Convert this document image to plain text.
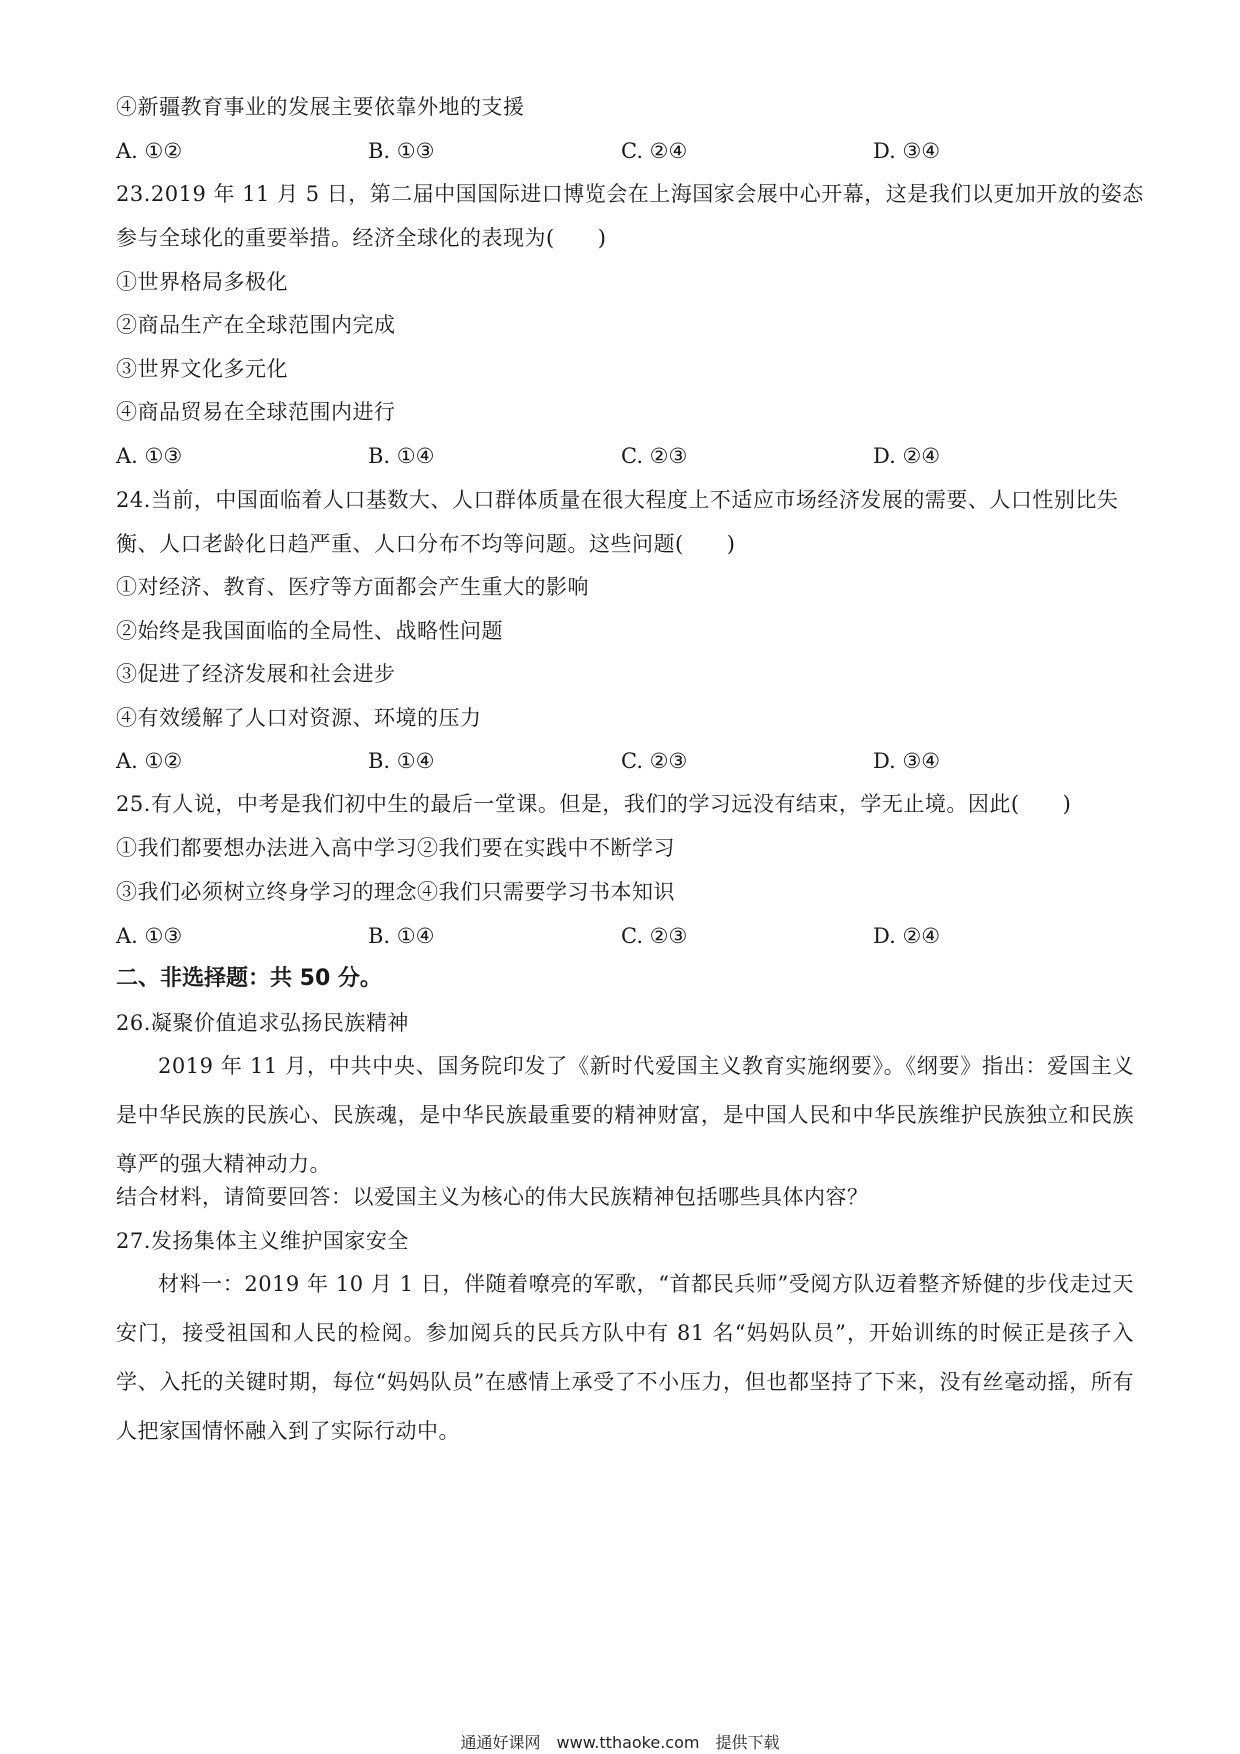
④新疆教育事业的发展主要依靠外地的支援
A. ①②	B. ①③	C. ②④	D. ③④
23.2019 年 11 月 5 日，第二届中国国际进口博览会在上海国家会展中心开幕，这是我们以更加开放的姿态
参与全球化的重要举措。经济全球化的表现为(　　)
①世界格局多极化
②商品生产在全球范围内完成
③世界文化多元化
④商品贸易在全球范围内进行
A. ①③	B. ①④	C. ②③	D. ②④
24.当前，中国面临着人口基数大、人口群体质量在很大程度上不适应市场经济发展的需要、人口性别比失
衡、人口老龄化日趋严重、人口分布不均等问题。这些问题(　　)
①对经济、教育、医疗等方面都会产生重大的影响
②始终是我国面临的全局性、战略性问题
③促进了经济发展和社会进步
④有效缓解了人口对资源、环境的压力
A. ①②	B. ①④	C. ②③	D. ③④
25.有人说，中考是我们初中生的最后一堂课。但是，我们的学习远没有结束，学无止境。因此(　　)
①我们都要想办法进入高中学习②我们要在实践中不断学习
③我们必须树立终身学习的理念④我们只需要学习书本知识
A. ①③	B. ①④	C. ②③	D. ②④
二、非选择题：共 50 分。
26.凝聚价值追求弘扬民族精神
2019 年 11 月，中共中央、国务院印发了《新时代爱国主义教育实施纲要》。《纲要》指出：爱国主义是中华民族的民族心、民族魂，是中华民族最重要的精神财富，是中国人民和中华民族维护民族独立和民族尊严的强大精神动力。
结合材料，请简要回答：以爱国主义为核心的伟大民族精神包括哪些具体内容？
27.发扬集体主义维护国家安全
材料一：2019 年 10 月 1 日，伴随着嘹亮的军歌，“首都民兵师”受阅方队迈着整齐矫健的步伐走过天安门，接受祖国和人民的检阅。参加阅兵的民兵方队中有 81 名“妈妈队员”，开始训练的时候正是孩子入学、入托的关键时期，每位“妈妈队员”在感情上承受了不小压力，但也都坚持了下来，没有丝毫动摇，所有人把家国情怀融入到了实际行动中。
通通好课网　www.tthaoke.com　提供下载
